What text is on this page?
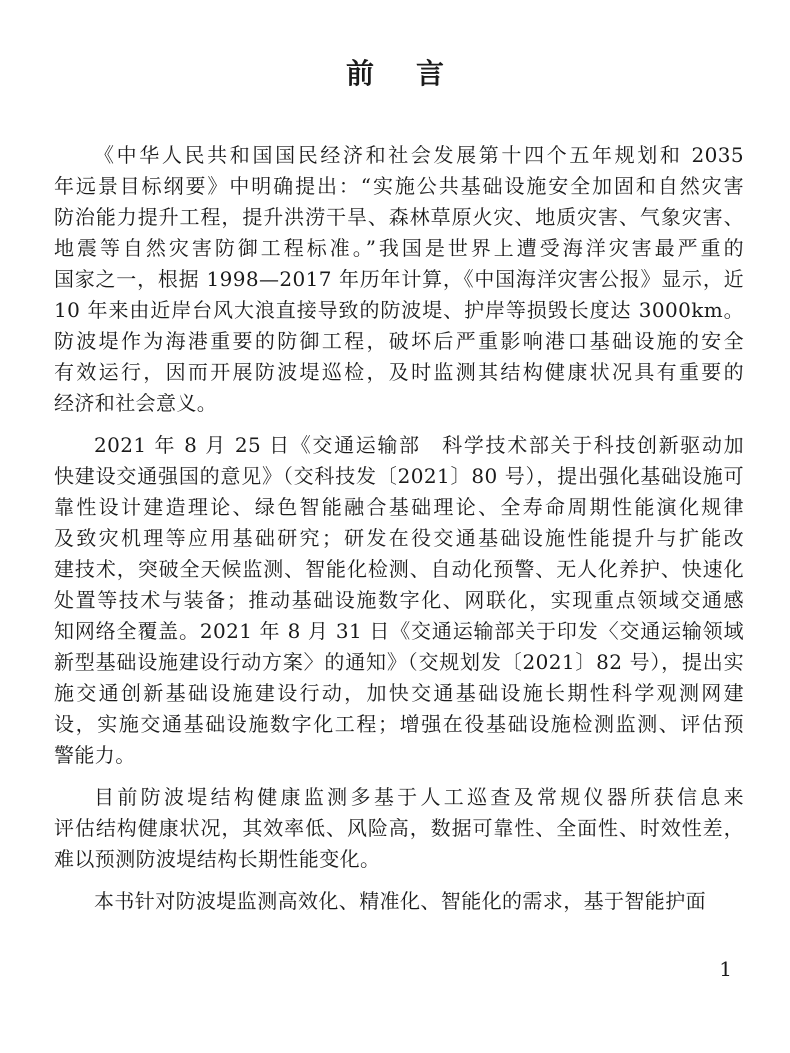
前言
《中华人民共和国国民经济和社会发展第十四个五年规划和 2035
年远景目标纲要》中明确提出：“实施公共基础设施安全加固和自然灾害
防治能力提升工程，提升洪涝干旱、森林草原火灾、地质灾害、气象灾害、
地震等自然灾害防御工程标准。”我国是世界上遭受海洋灾害最严重的
国家之一，根据 1998—2017 年历年计算，《中国海洋灾害公报》显示，近
10 年来由近岸台风大浪直接导致的防波堤、护岸等损毁长度达 3000km。
防波堤作为海港重要的防御工程，破坏后严重影响港口基础设施的安全
有效运行，因而开展防波堤巡检，及时监测其结构健康状况具有重要的
经济和社会意义。
2021 年 8 月 25 日《交通运输部　科学技术部关于科技创新驱动加
快建设交通强国的意见》（交科技发〔2021〕80 号），提出强化基础设施可
靠性设计建造理论、绿色智能融合基础理论、全寿命周期性能演化规律
及致灾机理等应用基础研究；研发在役交通基础设施性能提升与扩能改
建技术，突破全天候监测、智能化检测、自动化预警、无人化养护、快速化
处置等技术与装备；推动基础设施数字化、网联化，实现重点领域交通感
知网络全覆盖。2021 年 8 月 31 日《交通运输部关于印发〈交通运输领域
新型基础设施建设行动方案〉的通知》（交规划发〔2021〕82 号），提出实
施交通创新基础设施建设行动，加快交通基础设施长期性科学观测网建
设，实施交通基础设施数字化工程；增强在役基础设施检测监测、评估预
警能力。
目前防波堤结构健康监测多基于人工巡查及常规仪器所获信息来
评估结构健康状况，其效率低、风险高，数据可靠性、全面性、时效性差，
难以预测防波堤结构长期性能变化。
本书针对防波堤监测高效化、精准化、智能化的需求，基于智能护面
1
